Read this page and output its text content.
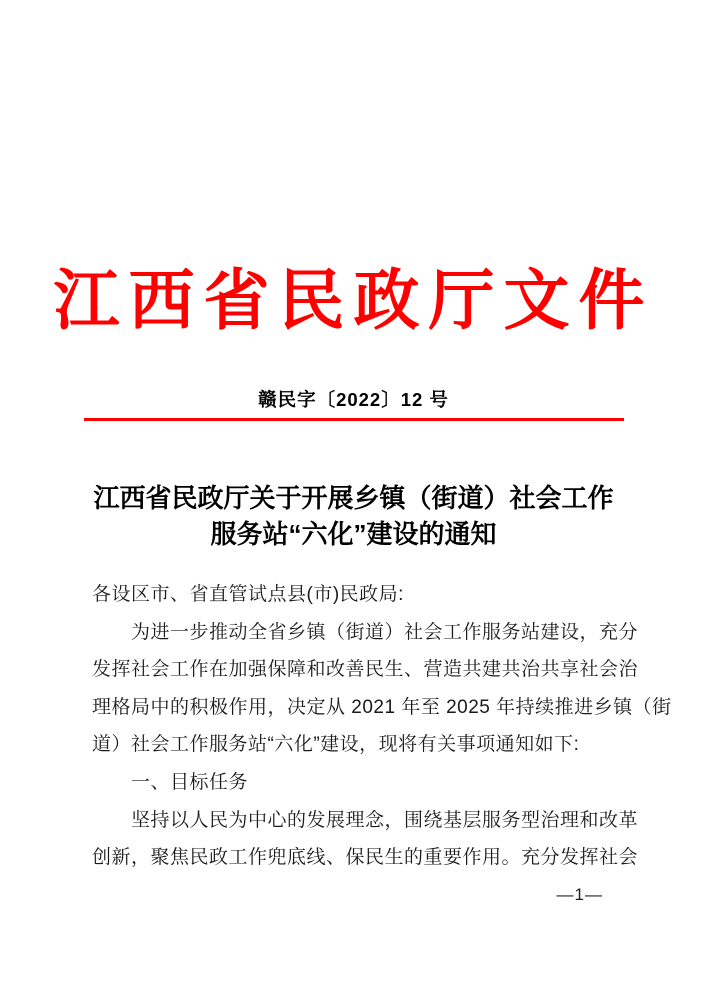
江西省民政厅文件
赣民字〔2022〕12 号
江西省民政厅关于开展乡镇（街道）社会工作
服务站“六化”建设的通知
各设区市、省直管试点县(市)民政局:
为进一步推动全省乡镇（街道）社会工作服务站建设，充分
发挥社会工作在加强保障和改善民生、营造共建共治共享社会治
理格局中的积极作用，决定从 2021 年至 2025 年持续推进乡镇（街
道）社会工作服务站“六化”建设，现将有关事项通知如下:
一、目标任务
坚持以人民为中心的发展理念，围绕基层服务型治理和改革
创新，聚焦民政工作兜底线、保民生的重要作用。充分发挥社会
—1—
